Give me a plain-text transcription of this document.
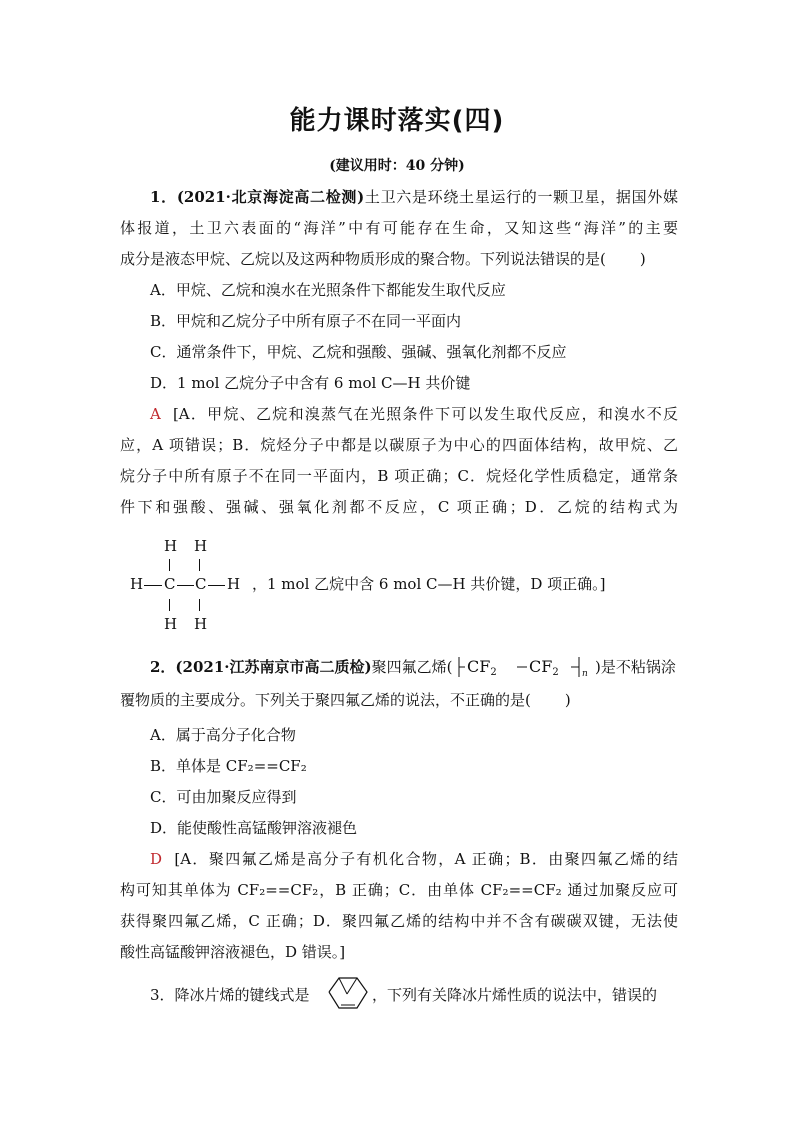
能力课时落实(四)
(建议用时：40 分钟)
1．(2021·北京海淀高二检测)土卫六是环绕土星运行的一颗卫星，据国外媒
体报道，土卫六表面的“海洋”中有可能存在生命，又知这些“海洋”的主要
成分是液态甲烷、乙烷以及这两种物质形成的聚合物。下列说法错误的是( )
A．甲烷、乙烷和溴水在光照条件下都能发生取代反应
B．甲烷和乙烷分子中所有原子不在同一平面内
C．通常条件下，甲烷、乙烷和强酸、强碱、强氧化剂都不反应
D．1 mol 乙烷分子中含有 6 mol C—H 共价键
A [A．甲烷、乙烷和溴蒸气在光照条件下可以发生取代反应，和溴水不反
应，A 项错误；B．烷烃分子中都是以碳原子为中心的四面体结构，故甲烷、乙
烷分子中所有原子不在同一平面内，B 项正确；C．烷烃化学性质稳定，通常条
件下和强酸、强碱、强氧化剂都不反应，C 项正确；D．乙烷的结构式为
H H
H C C H
H H
，1 mol 乙烷中含 6 mol C—H 共价键，D 项正确。]
2．(2021·江苏南京市高二质检)聚四氟乙烯( $CF_2$ $CF_2$	n )是不粘锅涂
覆物质的主要成分。下列关于聚四氟乙烯的说法，不正确的是( )
A．属于高分子化合物
B．单体是 CF₂==CF₂
C．可由加聚反应得到
D．能使酸性高锰酸钾溶液褪色
D [A．聚四氟乙烯是高分子有机化合物，A 正确；B．由聚四氟乙烯的结
构可知其单体为 CF₂==CF₂，B 正确；C．由单体 CF₂==CF₂ 通过加聚反应可
获得聚四氟乙烯，C 正确；D．聚四氟乙烯的结构中并不含有碳碳双键，无法使
酸性高锰酸钾溶液褪色，D 错误。]
3．降冰片烯的键线式是	，下列有关降冰片烯性质的说法中，错误的
